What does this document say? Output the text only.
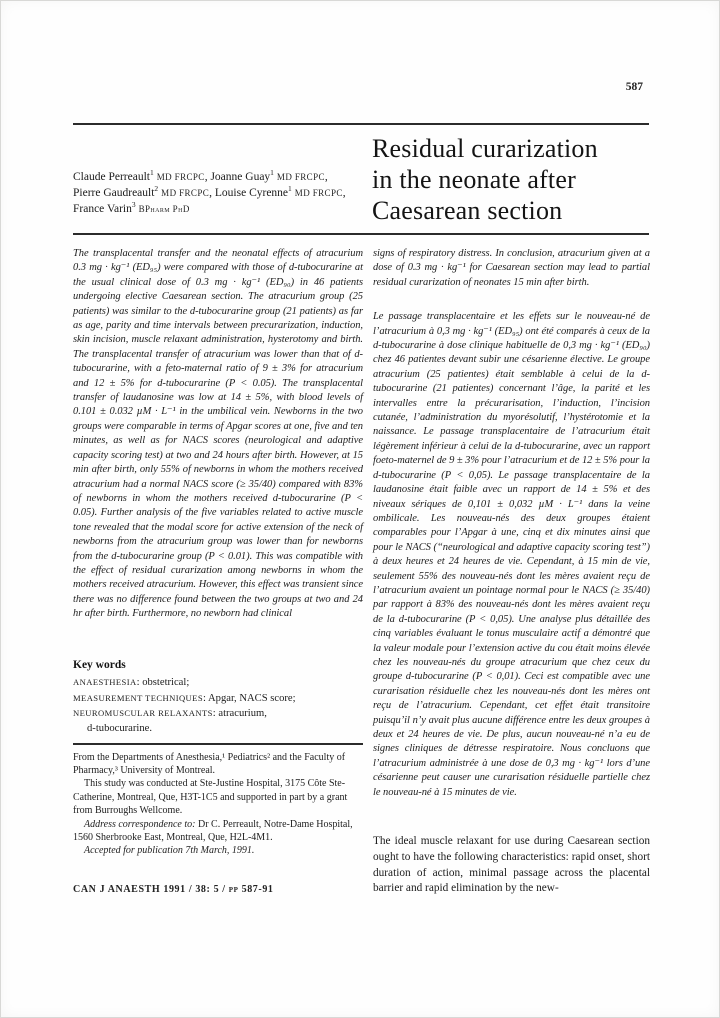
587
Residual curarization
in the neonate after
Caesarean section
Claude Perreault$^1$ MD FRCPC, Joanne Guay$^1$ MD FRCPC,
Pierre Gaudreault$^2$ MD FRCPC, Louise Cyrenne$^1$ MD FRCPC,
France Varin$^3$ BPharm PhD

The transplacental transfer and the neonatal effects of atracurium 0.3 mg · kg⁻¹ (ED₉₅) were compared with those of d-tubocurarine at the usual clinical dose of 0.3 mg · kg⁻¹ (ED₉₀) in 46 patients undergoing elective Caesarean section. The atracurium group (25 patients) was similar to the d-tubocurarine group (21 patients) as far as age, parity and time intervals between precurarization, induction, skin incision, muscle relaxant administration, hysterotomy and birth. The transplacental transfer of atracurium was lower than that of d-tubocurarine, with a feto-maternal ratio of 9 ± 3% for atracurium and 12 ± 5% for d-tubocurarine (P < 0.05). The transplacental transfer of laudanosine was low at 14 ± 5%, with blood levels of 0.101 ± 0.032 µM · L⁻¹ in the umbilical vein. Newborns in the two groups were comparable in terms of Apgar scores at one, five and ten minutes, as well as for NACS scores (neurological and adaptive capacity scoring test) at two and 24 hours after birth. However, at 15 min after birth, only 55% of newborns in whom the mothers received atracurium had a normal NACS score (≥ 35/40) compared with 83% of newborns in whom the mothers received d-tubocurarine (P < 0.05). Further analysis of the five variables related to active muscle tone revealed that the modal score for active extension of the neck of newborns from the atracurium group was lower than for newborns from the d-tubocurarine group (P < 0.01). This was compatible with the effect of residual curarization among newborns in whom the mothers received atracurium. However, this effect was transient since there was no difference found between the two groups at two and 24 hr after birth. Furthermore, no newborn had clinical

Key words
ANAESTHESIA: obstetrical;
MEASUREMENT TECHNIQUES: Apgar, NACS score;
NEUROMUSCULAR RELAXANTS: atracurium,
d-tubocurarine.

From the Departments of Anesthesia,¹ Pediatrics² and the Faculty of Pharmacy,³ University of Montreal.

This study was conducted at Ste-Justine Hospital, 3175 Côte Ste-Catherine, Montreal, Que, H3T-1C5 and supported in part by a grant from Burroughs Wellcome.

Address correspondence to: Dr C. Perreault, Notre-Dame Hospital, 1560 Sherbrooke East, Montreal, Que, H2L-4M1.

Accepted for publication 7th March, 1991.

CAN J ANAESTH 1991 / 38: 5 / pp 587-91

signs of respiratory distress. In conclusion, atracurium given at a dose of 0.3 mg · kg⁻¹ for Caesarean section may lead to partial residual curarization of neonates 15 min after birth.

Le passage transplacentaire et les effets sur le nouveau-né de l’atracurium à 0,3 mg · kg⁻¹ (ED₉₅) ont été comparés à ceux de la d-tubocurarine à dose clinique habituelle de 0,3 mg · kg⁻¹ (ED₉₀) chez 46 patientes devant subir une césarienne élective. Le groupe atracurium (25 patientes) était semblable à celui de la d-tubocurarine (21 patientes) concernant l’âge, la parité et les intervalles entre la précurarisation, l’induction, l’incision cutanée, l’administration du myorésolutif, l’hystérotomie et la naissance. Le passage transplacentaire de l’atracurium était légèrement inférieur à celui de la d-tubocurarine, avec un rapport foeto-maternel de 9 ± 3% pour l’atracurium et de 12 ± 5% pour la d-tubocurarine (P < 0,05). Le passage transplacentaire de la laudanosine était faible avec un rapport de 14 ± 5% et des niveaux sériques de 0,101 ± 0,032 µM · L⁻¹ dans la veine ombilicale. Les nouveau-nés des deux groupes étaient comparables pour l’Apgar à une, cinq et dix minutes ainsi que pour le NACS (“neurological and adaptive capacity scoring test”) à deux heures et 24 heures de vie. Cependant, à 15 min de vie, seulement 55% des nouveau-nés dont les mères avaient reçu de l’atracurium avaient un pointage normal pour le NACS (≥ 35/40) par rapport à 83% des nouveau-nés dont les mères avaient reçu de la d-tubocurarine (P < 0,05). Une analyse plus détaillée des cinq variables évaluant le tonus musculaire actif a démontré que la valeur modale pour l’extension active du cou était moins élevée chez les nouveau-nés du groupe atracurium que chez ceux du groupe d-tubocurarine (P < 0,01). Ceci est compatible avec une curarisation résiduelle chez les nouveau-nés dont les mères ont reçu de l’atracurium. Cependant, cet effet était transitoire puisqu’il n’y avait plus aucune différence entre les deux groupes à deux et 24 heures de vie. De plus, aucun nouveau-né n’a eu de signes cliniques de détresse respiratoire. Nous concluons que l’atracurium administrée à une dose de 0,3 mg · kg⁻¹ lors d’une césarienne peut causer une curarisation résiduelle partielle chez le nouveau-né à 15 minutes de vie.

The ideal muscle relaxant for use during Caesarean section ought to have the following characteristics: rapid onset, short duration of action, minimal passage across the placental barrier and rapid elimination by the new-
